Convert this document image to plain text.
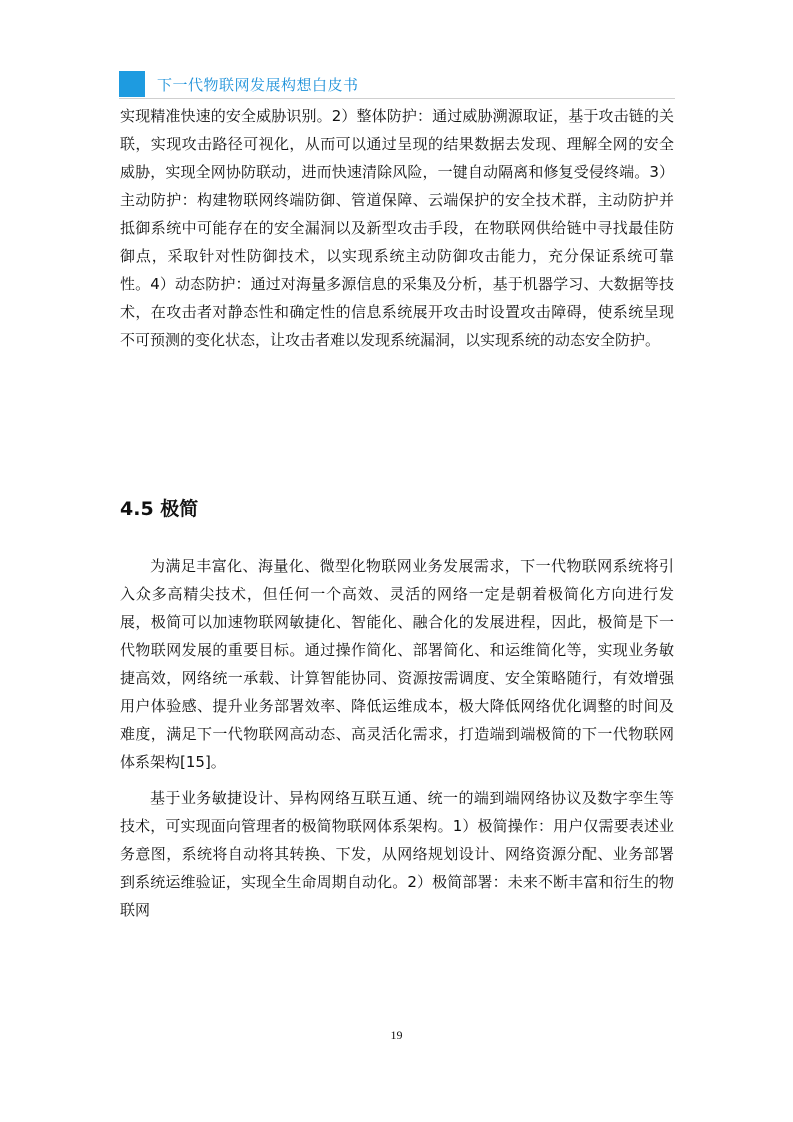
下一代物联网发展构想白皮书

实现精准快速的安全威胁识别。2）整体防护：通过威胁溯源取证，基于攻击链的关联，实现攻击路径可视化，从而可以通过呈现的结果数据去发现、理解全网的安全威胁，实现全网协防联动，进而快速清除风险，一键自动隔离和修复受侵终端。3）主动防护：构建物联网终端防御、管道保障、云端保护的安全技术群，主动防护并抵御系统中可能存在的安全漏洞以及新型攻击手段，在物联网供给链中寻找最佳防御点，采取针对性防御技术，以实现系统主动防御攻击能力，充分保证系统可靠性。4）动态防护：通过对海量多源信息的采集及分析，基于机器学习、大数据等技术，在攻击者对静态性和确定性的信息系统展开攻击时设置攻击障碍，使系统呈现不可预测的变化状态，让攻击者难以发现系统漏洞，以实现系统的动态安全防护。

4.5 极简

为满足丰富化、海量化、微型化物联网业务发展需求，下一代物联网系统将引入众多高精尖技术，但任何一个高效、灵活的网络一定是朝着极简化方向进行发展，极简可以加速物联网敏捷化、智能化、融合化的发展进程，因此，极简是下一代物联网发展的重要目标。通过操作简化、部署简化、和运维简化等，实现业务敏捷高效，网络统一承载、计算智能协同、资源按需调度、安全策略随行，有效增强用户体验感、提升业务部署效率、降低运维成本，极大降低网络优化调整的时间及难度，满足下一代物联网高动态、高灵活化需求，打造端到端极简的下一代物联网体系架构[15]。

基于业务敏捷设计、异构网络互联互通、统一的端到端网络协议及数字孪生等技术，可实现面向管理者的极简物联网体系架构。1）极简操作：用户仅需要表述业务意图，系统将自动将其转换、下发，从网络规划设计、网络资源分配、业务部署到系统运维验证，实现全生命周期自动化。2）极简部署：未来不断丰富和衍生的物联网

19
